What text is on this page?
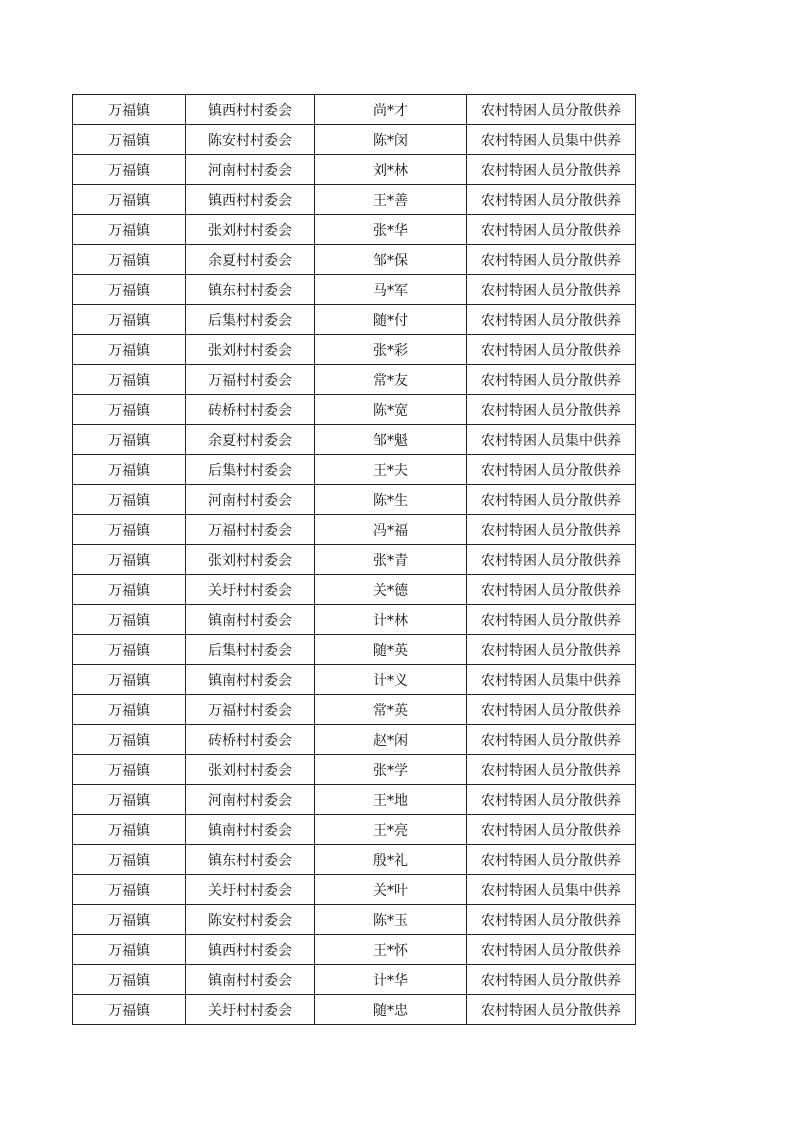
万福镇	镇西村村委会	尚*才	农村特困人员分散供养
万福镇	陈安村村委会	陈*闵	农村特困人员集中供养
万福镇	河南村村委会	刘*林	农村特困人员分散供养
万福镇	镇西村村委会	王*善	农村特困人员分散供养
万福镇	张刘村村委会	张*华	农村特困人员分散供养
万福镇	余夏村村委会	邹*保	农村特困人员分散供养
万福镇	镇东村村委会	马*军	农村特困人员分散供养
万福镇	后集村村委会	随*付	农村特困人员分散供养
万福镇	张刘村村委会	张*彩	农村特困人员分散供养
万福镇	万福村村委会	常*友	农村特困人员分散供养
万福镇	砖桥村村委会	陈*宽	农村特困人员分散供养
万福镇	余夏村村委会	邹*魁	农村特困人员集中供养
万福镇	后集村村委会	王*夫	农村特困人员分散供养
万福镇	河南村村委会	陈*生	农村特困人员分散供养
万福镇	万福村村委会	冯*福	农村特困人员分散供养
万福镇	张刘村村委会	张*青	农村特困人员分散供养
万福镇	关圩村村委会	关*德	农村特困人员分散供养
万福镇	镇南村村委会	计*林	农村特困人员分散供养
万福镇	后集村村委会	随*英	农村特困人员分散供养
万福镇	镇南村村委会	计*义	农村特困人员集中供养
万福镇	万福村村委会	常*英	农村特困人员分散供养
万福镇	砖桥村村委会	赵*闲	农村特困人员分散供养
万福镇	张刘村村委会	张*学	农村特困人员分散供养
万福镇	河南村村委会	王*地	农村特困人员分散供养
万福镇	镇南村村委会	王*亮	农村特困人员分散供养
万福镇	镇东村村委会	殷*礼	农村特困人员分散供养
万福镇	关圩村村委会	关*叶	农村特困人员集中供养
万福镇	陈安村村委会	陈*玉	农村特困人员分散供养
万福镇	镇西村村委会	王*怀	农村特困人员分散供养
万福镇	镇南村村委会	计*华	农村特困人员分散供养
万福镇	关圩村村委会	随*忠	农村特困人员分散供养
